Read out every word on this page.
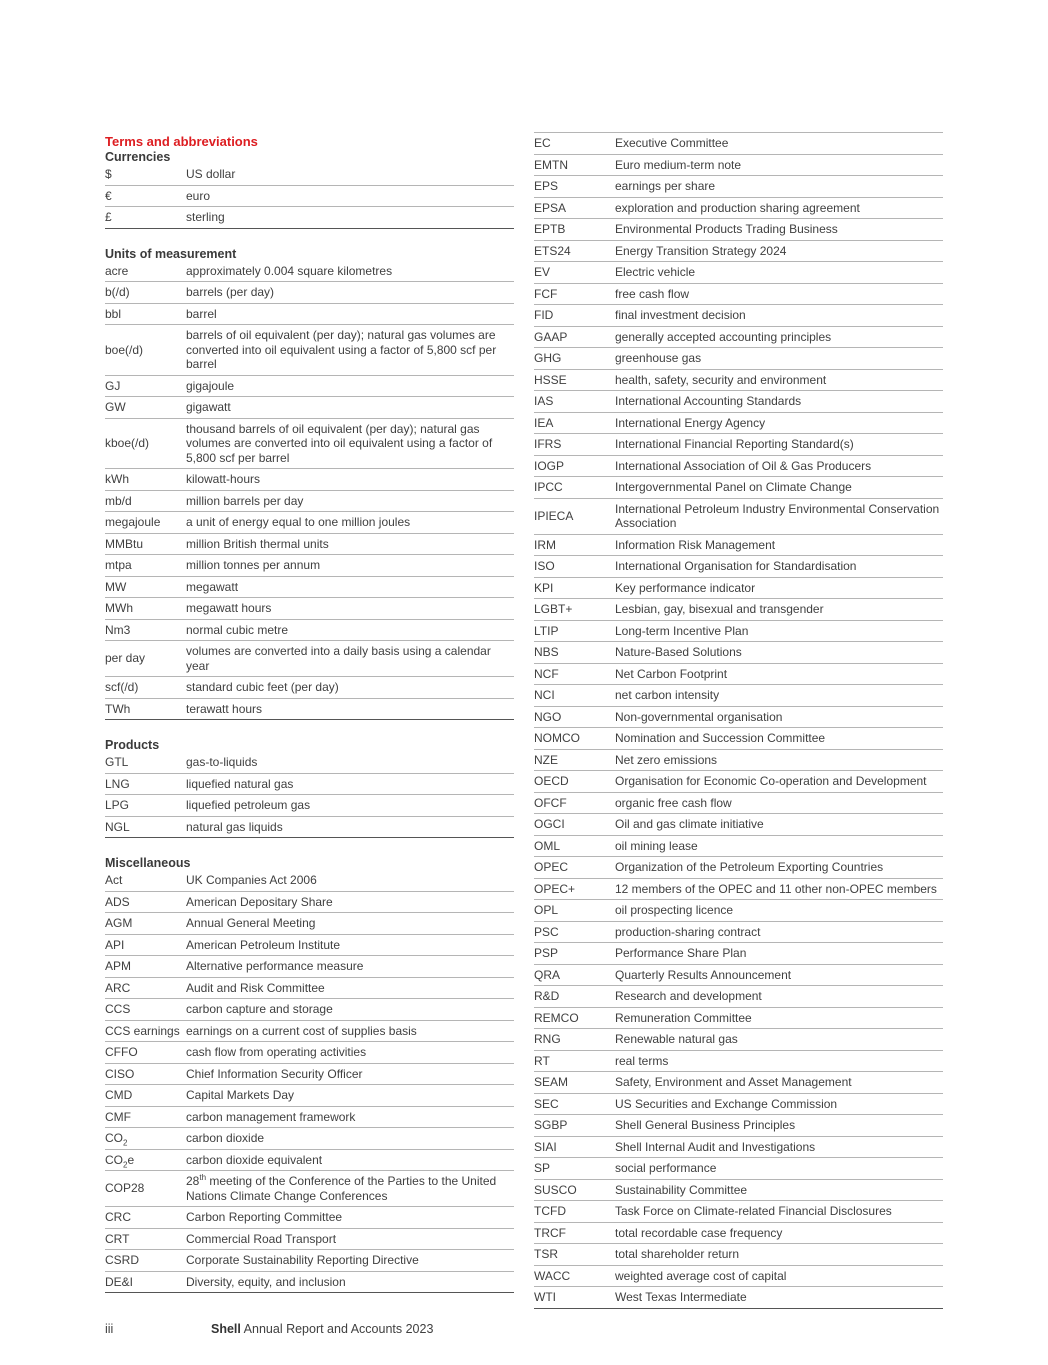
Terms and abbreviations
Currencies
$	US dollar
€	euro
£	sterling
Units of measurement
acre	approximately 0.004 square kilometres
b(/d)	barrels (per day)
bbl	barrel
boe(/d)	barrels of oil equivalent (per day); natural gas volumes are converted into oil equivalent using a factor of 5,800 scf per barrel
GJ	gigajoule
GW	gigawatt
kboe(/d)	thousand barrels of oil equivalent (per day); natural gas volumes are converted into oil equivalent using a factor of 5,800 scf per barrel
kWh	kilowatt-hours
mb/d	million barrels per day
megajoule	a unit of energy equal to one million joules
MMBtu	million British thermal units
mtpa	million tonnes per annum
MW	megawatt
MWh	megawatt hours
Nm3	normal cubic metre
per day	volumes are converted into a daily basis using a calendar year
scf(/d)	standard cubic feet (per day)
TWh	terawatt hours
Products
GTL	gas-to-liquids
LNG	liquefied natural gas
LPG	liquefied petroleum gas
NGL	natural gas liquids
Miscellaneous
Act	UK Companies Act 2006
ADS	American Depositary Share
AGM	Annual General Meeting
API	American Petroleum Institute
APM	Alternative performance measure
ARC	Audit and Risk Committee
CCS	carbon capture and storage
CCS earnings	earnings on a current cost of supplies basis
CFFO	cash flow from operating activities
CISO	Chief Information Security Officer
CMD	Capital Markets Day
CMF	carbon management framework
$CO_2$	carbon dioxide
$CO_2e$	carbon dioxide equivalent
COP28	28th meeting of the Conference of the Parties to the United Nations Climate Change Conferences
CRC	Carbon Reporting Committee
CRT	Commercial Road Transport
CSRD	Corporate Sustainability Reporting Directive
DE&I	Diversity, equity, and inclusion
EC	Executive Committee
EMTN	Euro medium-term note
EPS	earnings per share
EPSA	exploration and production sharing agreement
EPTB	Environmental Products Trading Business
ETS24	Energy Transition Strategy 2024
EV	Electric vehicle
FCF	free cash flow
FID	final investment decision
GAAP	generally accepted accounting principles
GHG	greenhouse gas
HSSE	health, safety, security and environment
IAS	International Accounting Standards
IEA	International Energy Agency
IFRS	International Financial Reporting Standard(s)
IOGP	International Association of Oil & Gas Producers
IPCC	Intergovernmental Panel on Climate Change
IPIECA	International Petroleum Industry Environmental Conservation Association
IRM	Information Risk Management
ISO	International Organisation for Standardisation
KPI	Key performance indicator
LGBT+	Lesbian, gay, bisexual and transgender
LTIP	Long-term Incentive Plan
NBS	Nature-Based Solutions
NCF	Net Carbon Footprint
NCI	net carbon intensity
NGO	Non-governmental organisation
NOMCO	Nomination and Succession Committee
NZE	Net zero emissions
OECD	Organisation for Economic Co-operation and Development
OFCF	organic free cash flow
OGCI	Oil and gas climate initiative
OML	oil mining lease
OPEC	Organization of the Petroleum Exporting Countries
OPEC+	12 members of the OPEC and 11 other non-OPEC members
OPL	oil prospecting licence
PSC	production-sharing contract
PSP	Performance Share Plan
QRA	Quarterly Results Announcement
R&D	Research and development
REMCO	Remuneration Committee
RNG	Renewable natural gas
RT	real terms
SEAM	Safety, Environment and Asset Management
SEC	US Securities and Exchange Commission
SGBP	Shell General Business Principles
SIAI	Shell Internal Audit and Investigations
SP	social performance
SUSCO	Sustainability Committee
TCFD	Task Force on Climate-related Financial Disclosures
TRCF	total recordable case frequency
TSR	total shareholder return
WACC	weighted average cost of capital
WTI	West Texas Intermediate
iii	Shell Annual Report and Accounts 2023
